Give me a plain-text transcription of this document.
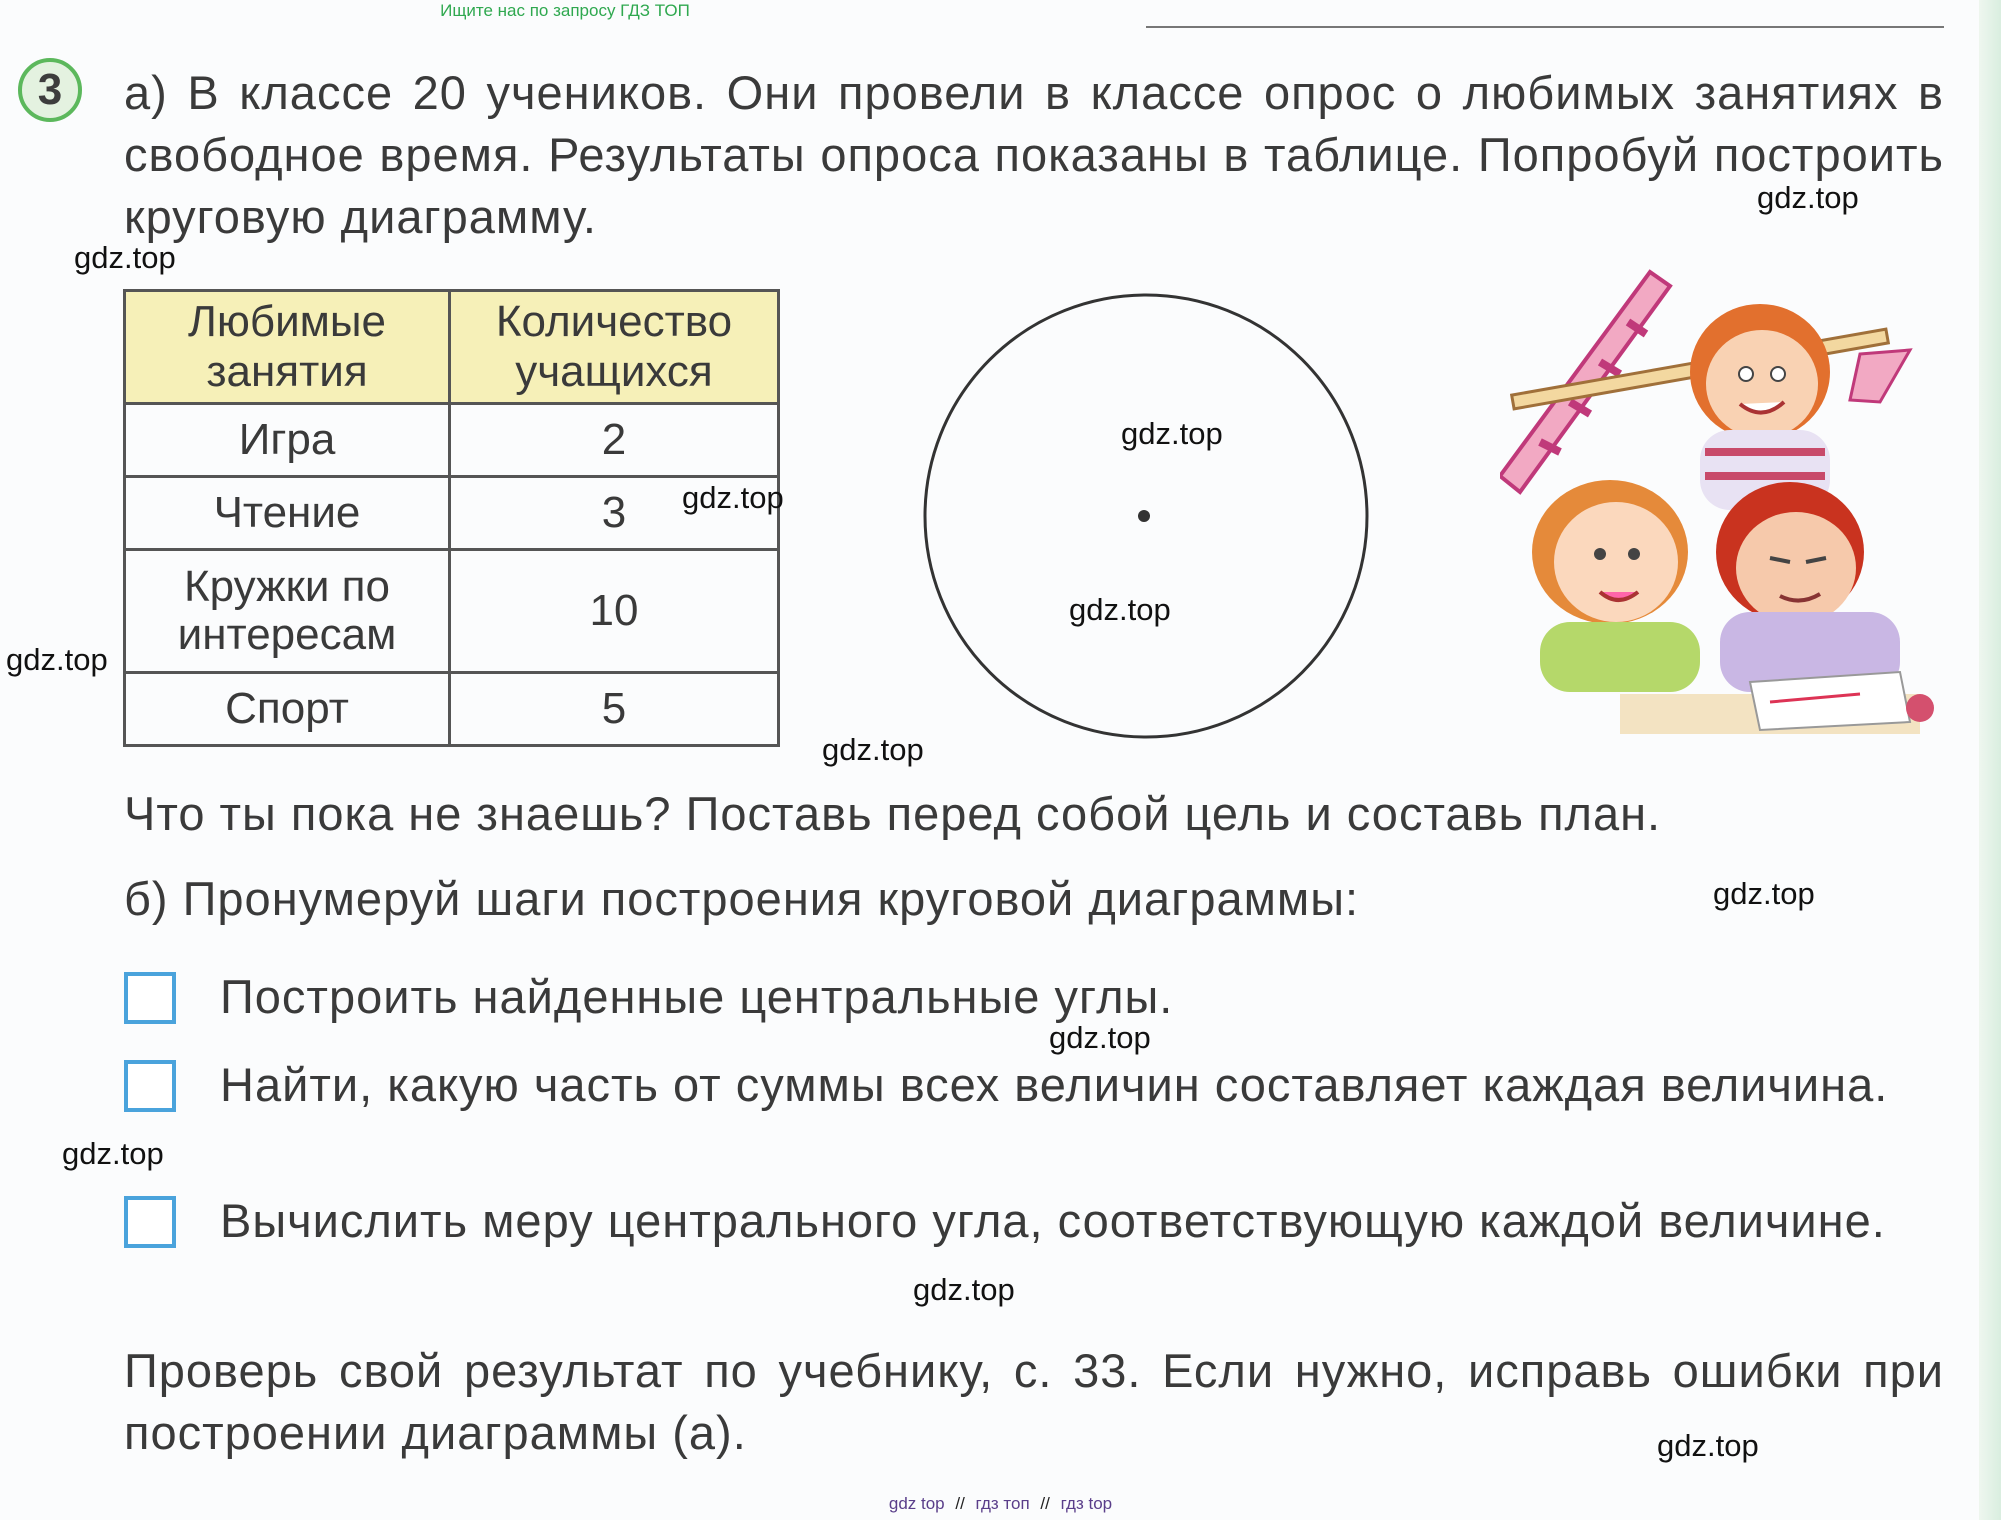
Ищите нас по запросу ГДЗ ТОП
3	а) В классе 20 учеников. Они провели в классе опрос о любимых занятиях в свободное время. Результаты опроса показаны в таблице. Попробуй построить круговую диаграмму.
Любимые занятия	Количество учащихся
Игра	2
Чтение	3
Кружки по интересам	10
Спорт	5
Что ты пока не знаешь? Поставь перед собой цель и составь план.
б) Пронумеруй шаги построения круговой диаграммы:
Построить найденные центральные углы.
Найти, какую часть от суммы всех величин составляет каждая величина.
Вычислить меру центрального угла, соответствующую каждой величине.
Проверь свой результат по учебнику, с. 33. Если нужно, исправь ошибки при построении диаграммы (а).
gdz.top
gdz.top
gdz.top
gdz.top
gdz.top
gdz.top
gdz.top
gdz.top
gdz.top
gdz.top
gdz.top
gdz.top
gdz top // гдз топ // гдз top
